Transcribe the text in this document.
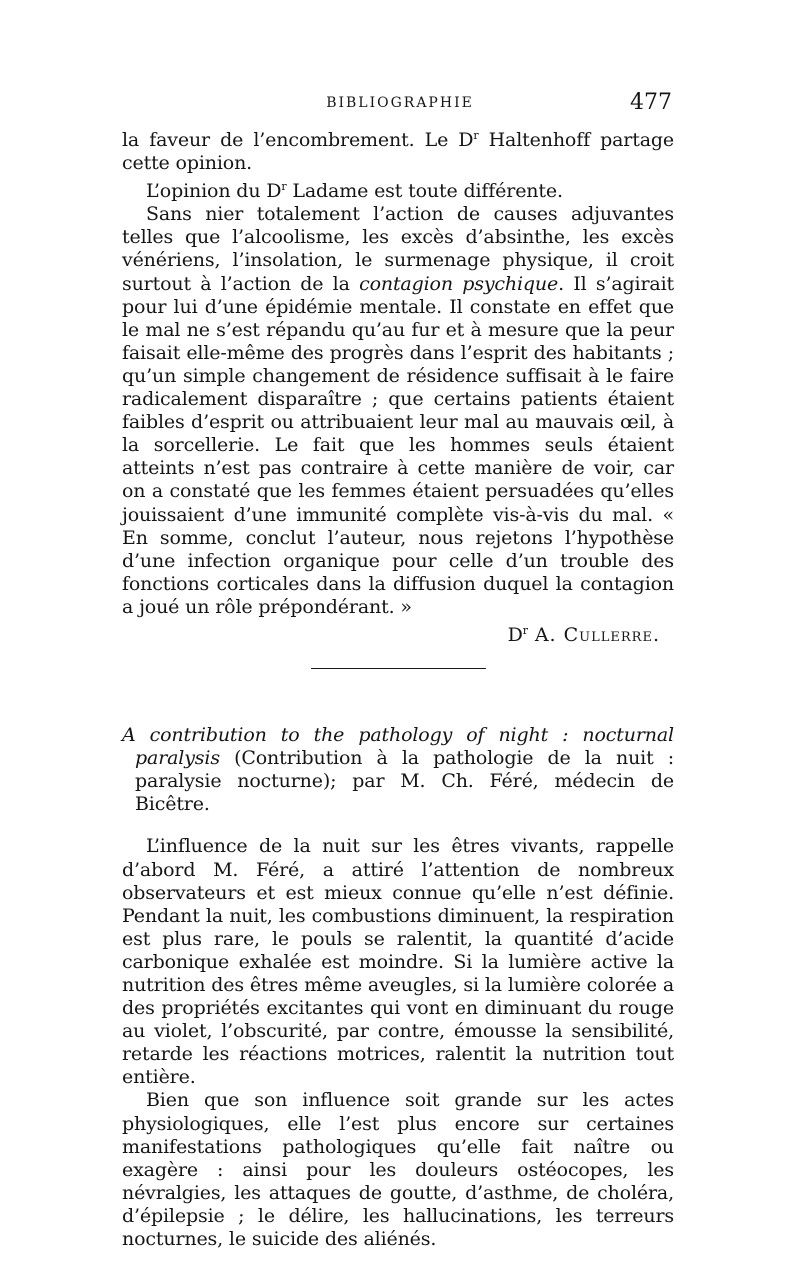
BIBLIOGRAPHIE	477

la faveur de l’encombrement. Le $D^r$ Haltenhoff partage cette opinion.

L’opinion du $D^r$ Ladame est toute différente.

Sans nier totalement l’action de causes adjuvantes telles que l’alcoolisme, les excès d’absinthe, les excès vénériens, l’insolation, le surmenage physique, il croit surtout à l’action de la contagion psychique. Il s’agirait pour lui d’une épidémie mentale. Il constate en effet que le mal ne s’est répandu qu’au fur et à mesure que la peur faisait elle-même des progrès dans l’esprit des habitants ; qu’un simple changement de résidence suffisait à le faire radicalement disparaître ; que certains patients étaient faibles d’esprit ou attribuaient leur mal au mauvais œil, à la sorcellerie. Le fait que les hommes seuls étaient atteints n’est pas contraire à cette manière de voir, car on a constaté que les femmes étaient persuadées qu’elles jouissaient d’une immunité complète vis-à-vis du mal. « En somme, conclut l’auteur, nous rejetons l’hypothèse d’une infection organique pour celle d’un trouble des fonctions corticales dans la diffusion duquel la contagion a joué un rôle prépondérant. »

$D^r$ A. Cullerre.

A contribution to the pathology of night : nocturnal paralysis (Contribution à la pathologie de la nuit : paralysie nocturne); par M. Ch. Féré, médecin de Bicêtre.

L’influence de la nuit sur les êtres vivants, rappelle d’abord M. Féré, a attiré l’attention de nombreux observateurs et est mieux connue qu’elle n’est définie. Pendant la nuit, les combustions diminuent, la respiration est plus rare, le pouls se ralentit, la quantité d’acide carbonique exhalée est moindre. Si la lumière active la nutrition des êtres même aveugles, si la lumière colorée a des propriétés excitantes qui vont en diminuant du rouge au violet, l’obscurité, par contre, émousse la sensibilité, retarde les réactions motrices, ralentit la nutrition tout entière.

Bien que son influence soit grande sur les actes physiologiques, elle l’est plus encore sur certaines manifestations pathologiques qu’elle fait naître ou exagère : ainsi pour les douleurs ostéocopes, les névralgies, les attaques de goutte, d’asthme, de choléra, d’épilepsie ; le délire, les hallucinations, les terreurs nocturnes, le suicide des aliénés.
